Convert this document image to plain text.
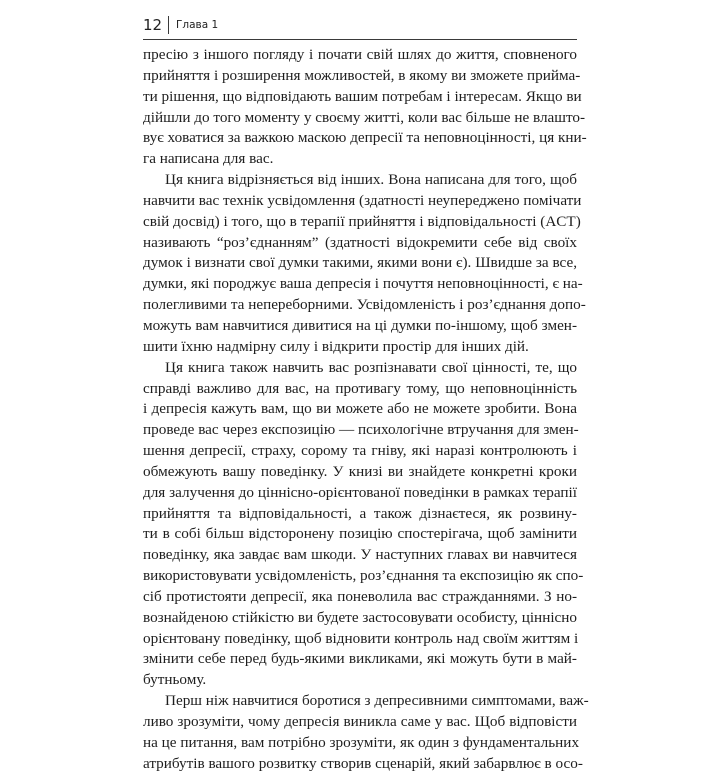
12 Глава 1
пресію з іншого погляду і почати свій шлях до життя, сповненого
прийняття і розширення можливостей, в якому ви зможете прийма-
ти рішення, що відповідають вашим потребам і інтересам. Якщо ви
дійшли до того моменту у своєму житті, коли вас більше не влашто-
вує ховатися за важкою маскою депресії та неповноцінності, ця кни-
га написана для вас.
Ця книга відрізняється від інших. Вона написана для того, щоб
навчити вас технік усвідомлення (здатності неупереджено помічати
свій досвід) і того, що в терапії прийняття і відповідальності (ACT)
називають “роз’єднанням” (здатності відокремити себе від своїх
думок і визнати свої думки такими, якими вони є). Швидше за все,
думки, які породжує ваша депресія і почуття неповноцінності, є на-
полегливими та непереборними. Усвідомленість і роз’єднання допо-
можуть вам навчитися дивитися на ці думки по-іншому, щоб змен-
шити їхню надмірну силу і відкрити простір для інших дій.
Ця книга також навчить вас розпізнавати свої цінності, те, що
справді важливо для вас, на противагу тому, що неповноцінність
і депресія кажуть вам, що ви можете або не можете зробити. Вона
проведе вас через експозицію — психологічне втручання для змен-
шення депресії, страху, сорому та гніву, які наразі контролюють і
обмежують вашу поведінку. У книзі ви знайдете конкретні кроки
для залучення до ціннісно-орієнтованої поведінки в рамках терапії
прийняття та відповідальності, а також дізнаєтеся, як розвину-
ти в собі більш відсторонену позицію спостерігача, щоб замінити
поведінку, яка завдає вам шкоди. У наступних главах ви навчитеся
використовувати усвідомленість, роз’єднання та експозицію як спо-
сіб протистояти депресії, яка поневолила вас стражданнями. З но-
вознайденою стійкістю ви будете застосовувати особисту, ціннісно
орієнтовану поведінку, щоб відновити контроль над своїм життям і
змінити себе перед будь-якими викликами, які можуть бути в май-
бутньому.
Перш ніж навчитися боротися з депресивними симптомами, важ-
ливо зрозуміти, чому депресія виникла саме у вас. Щоб відповісти
на це питання, вам потрібно зрозуміти, як один з фундаментальних
атрибутів вашого розвитку створив сценарій, який забарвлює в осо-
